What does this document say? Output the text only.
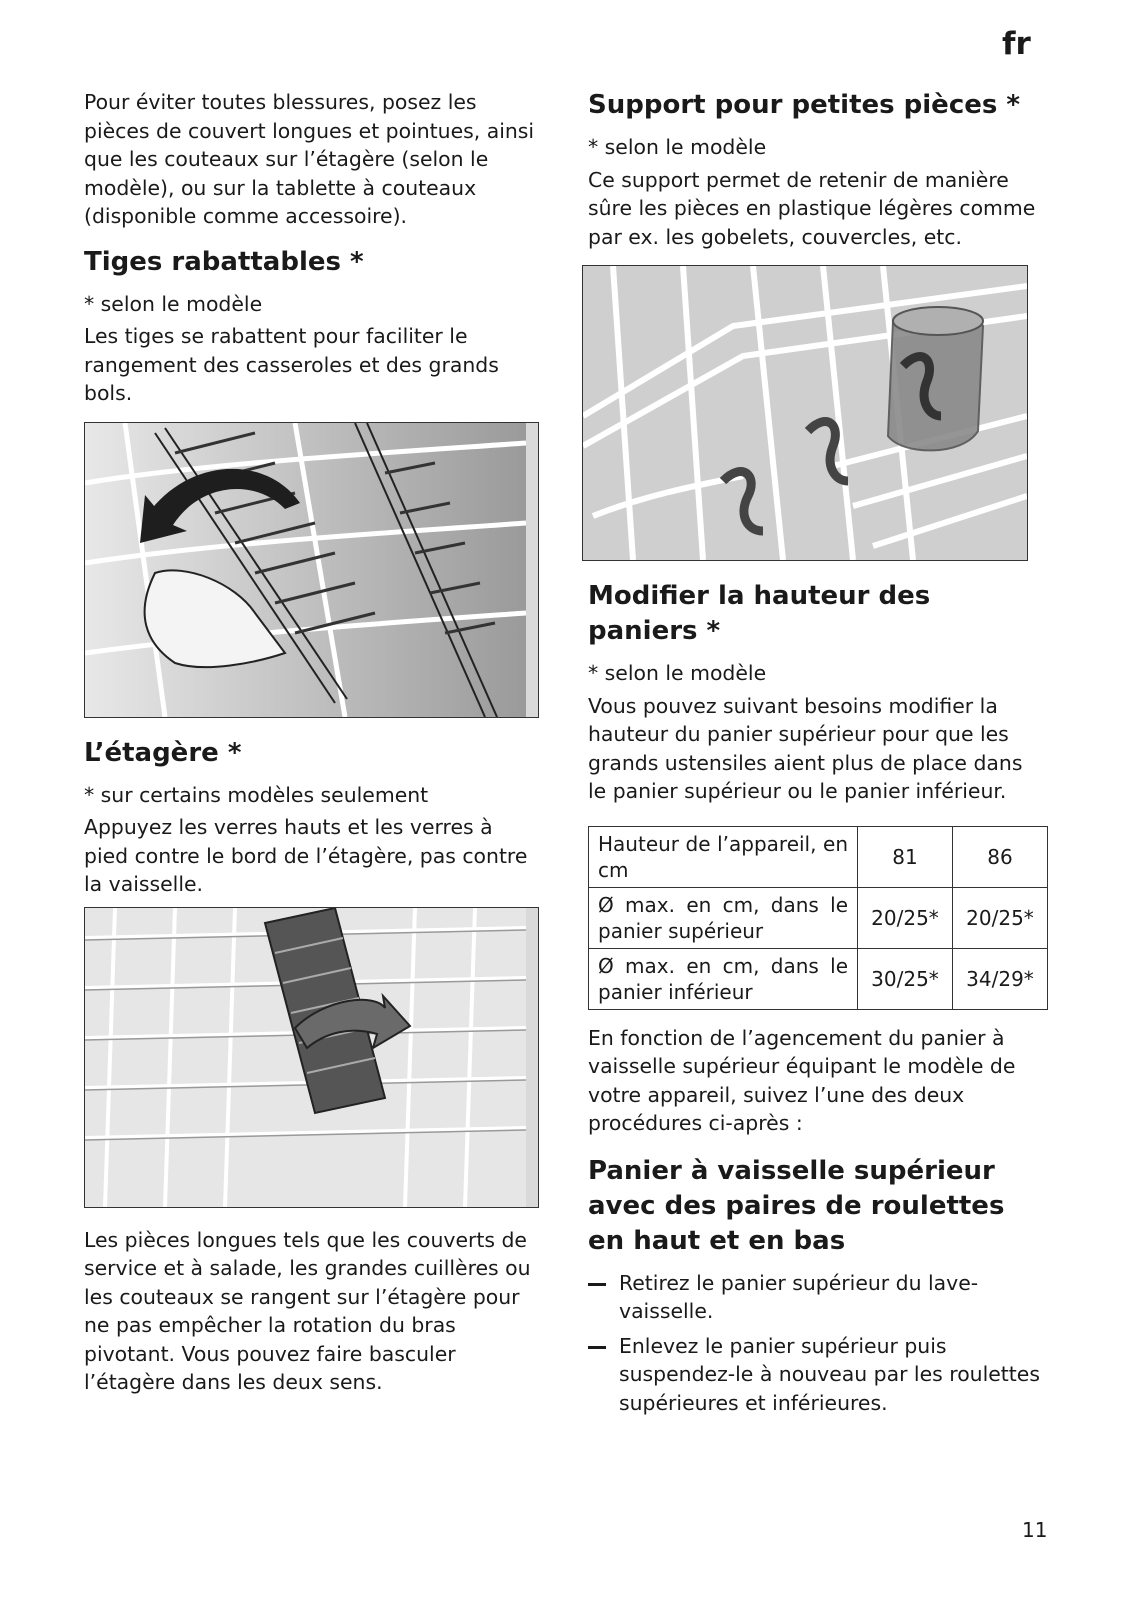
fr

Pour éviter toutes blessures, posez les pièces de couvert longues et pointues, ainsi que les couteaux sur l’étagère (selon le modèle), ou sur la tablette à couteaux (disponible comme accessoire).

Tiges rabattables *

* selon le modèle

Les tiges se rabattent pour faciliter le rangement des casseroles et des grands bols.

L’étagère *

* sur certains modèles seulement

Appuyez les verres hauts et les verres à pied contre le bord de l’étagère, pas contre la vaisselle.

Les pièces longues tels que les couverts de service et à salade, les grandes cuillères ou les couteaux se rangent sur l’étagère pour ne pas empêcher la rotation du bras pivotant. Vous pouvez faire basculer l’étagère dans les deux sens.

Support pour petites pièces *

* selon le modèle

Ce support permet de retenir de manière sûre les pièces en plastique légères comme par ex. les gobelets, couvercles, etc.

Modifier la hauteur des paniers *

* selon le modèle

Vous pouvez suivant besoins modifier la hauteur du panier supérieur pour que les grands ustensiles aient plus de place dans le panier supérieur ou le panier inférieur.

Hauteur de l’appareil, en cm	81	86
Ø max. en cm, dans le panier supérieur	20/25*	20/25*
Ø max. en cm, dans le panier inférieur	30/25*	34/29*

En fonction de l’agencement du panier à vaisselle supérieur équipant le modèle de votre appareil, suivez l’une des deux procédures ci-après :

Panier à vaisselle supérieur avec des paires de roulettes en haut et en bas
Retirez le panier supérieur du lave-vaisselle.
Enlevez le panier supérieur puis suspendez-le à nouveau par les roulettes supérieures et inférieures.
11
